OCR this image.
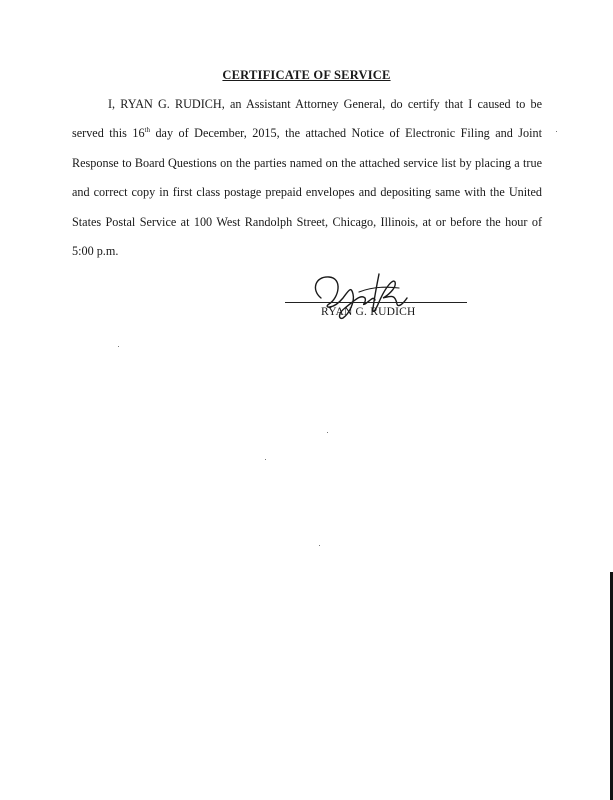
CERTIFICATE OF SERVICE

I, RYAN G. RUDICH, an Assistant Attorney General, do certify that I caused to be served this 16th day of December, 2015, the attached Notice of Electronic Filing and Joint Response to Board Questions on the parties named on the attached service list by placing a true and correct copy in first class postage prepaid envelopes and depositing same with the United States Postal Service at 100 West Randolph Street, Chicago, Illinois, at or before the hour of 5:00 p.m.

RYAN G. RUDICH
